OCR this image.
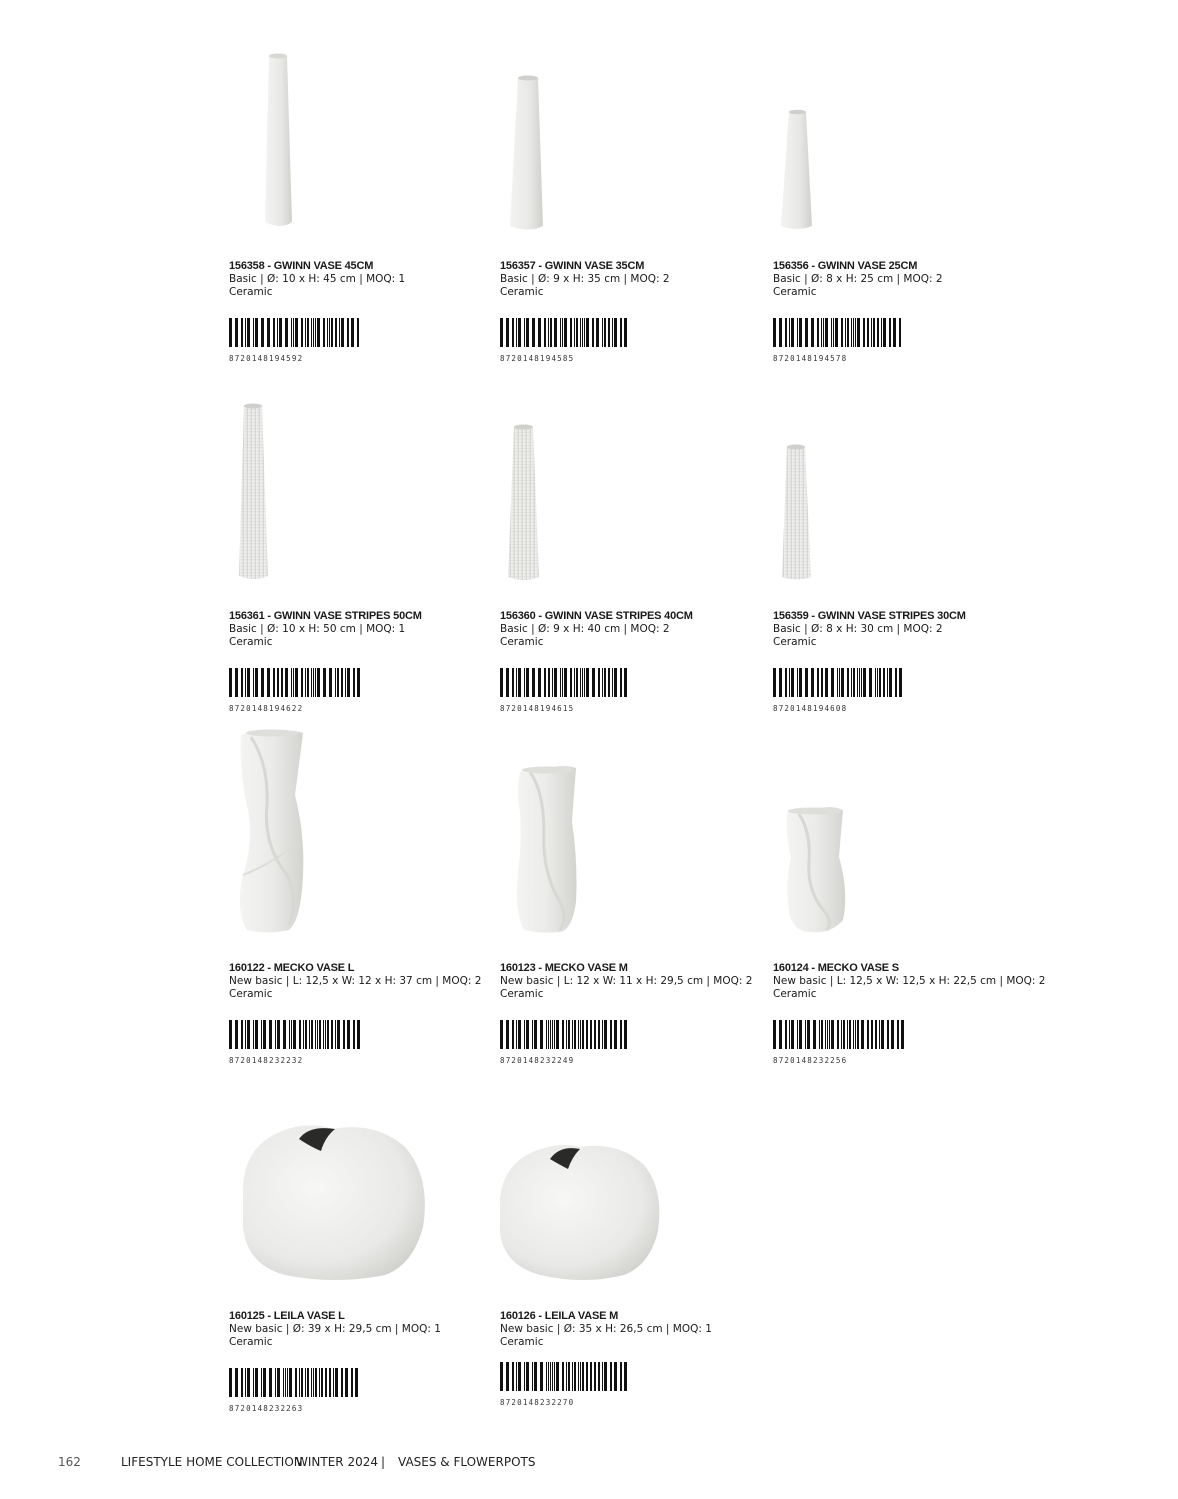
156358 - GWINN VASE 45CM
Basic | Ø: 10 x H: 45 cm | MOQ: 1
Ceramic
8720148194592
156357 - GWINN VASE 35CM
Basic | Ø: 9 x H: 35 cm | MOQ: 2
Ceramic
8720148194585
156356 - GWINN VASE 25CM
Basic | Ø: 8 x H: 25 cm | MOQ: 2
Ceramic
8720148194578
156361 - GWINN VASE STRIPES 50CM
Basic | Ø: 10 x H: 50 cm | MOQ: 1
Ceramic
8720148194622
156360 - GWINN VASE STRIPES 40CM
Basic | Ø: 9 x H: 40 cm | MOQ: 2
Ceramic
8720148194615
156359 - GWINN VASE STRIPES 30CM
Basic | Ø: 8 x H: 30 cm | MOQ: 2
Ceramic
8720148194608
160122 - MECKO VASE L
New basic | L: 12,5 x W: 12 x H: 37 cm | MOQ: 2
Ceramic
8720148232232
160123 - MECKO VASE M
New basic | L: 12 x W: 11 x H: 29,5 cm | MOQ: 2
Ceramic
8720148232249
160124 - MECKO VASE S
New basic | L: 12,5 x W: 12,5 x H: 22,5 cm | MOQ: 2
Ceramic
8720148232256
160125 - LEILA VASE L
New basic | Ø: 39 x H: 29,5 cm | MOQ: 1
Ceramic
8720148232263
160126 - LEILA VASE M
New basic | Ø: 35 x H: 26,5 cm | MOQ: 1
Ceramic
8720148232270
162	LIFESTYLE HOME COLLECTION
WINTER 2024 | VASES & FLOWERPOTS
